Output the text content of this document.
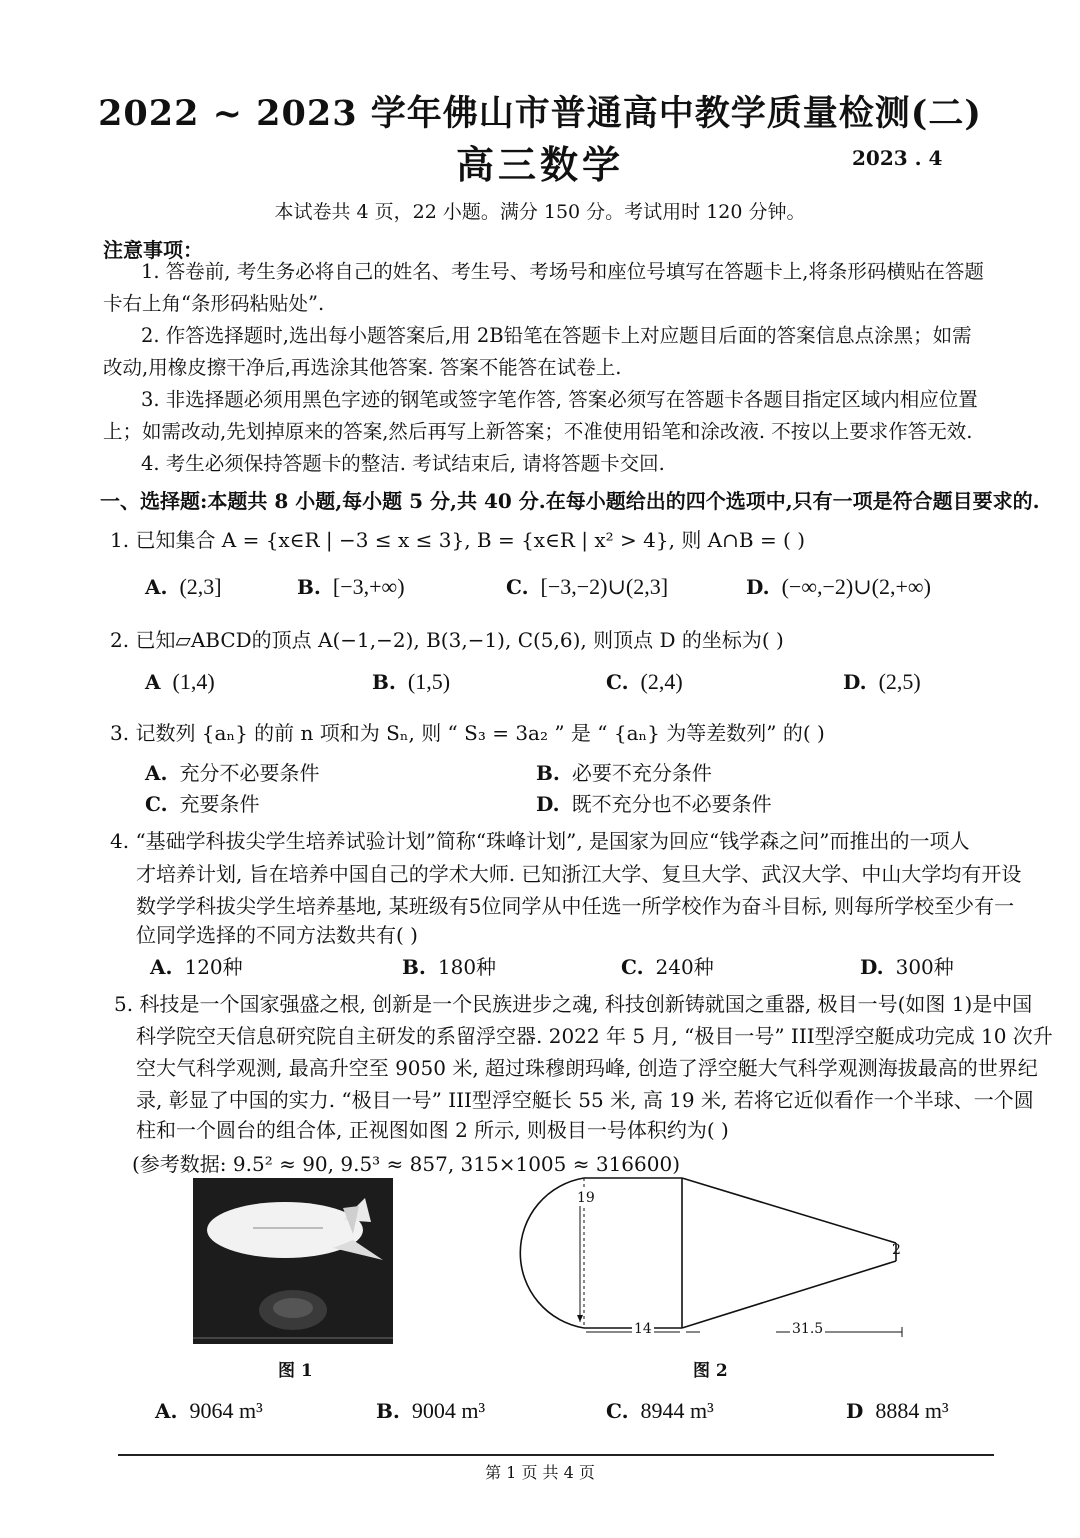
2022 ~ 2023 学年佛山市普通高中教学质量检测(二)
高三数学	2023 . 4
本试卷共 4 页，22 小题。满分 150 分。考试用时 120 分钟。
注意事项：
1. 答卷前, 考生务必将自己的姓名、考生号、考场号和座位号填写在答题卡上,将条形码横贴在答题卡右上角“条形码粘贴处”.
2. 作答选择题时,选出每小题答案后,用 2B铅笔在答题卡上对应题目后面的答案信息点涂黑；如需改动,用橡皮擦干净后,再选涂其他答案. 答案不能答在试卷上.
3. 非选择题必须用黑色字迹的钢笔或签字笔作答, 答案必须写在答题卡各题目指定区域内相应位置上；如需改动,先划掉原来的答案,然后再写上新答案；不准使用铅笔和涂改液. 不按以上要求作答无效.
4. 考生必须保持答题卡的整洁. 考试结束后, 请将答题卡交回.
一、选择题:本题共 8 小题,每小题 5 分,共 40 分.在每小题给出的四个选项中,只有一项是符合题目要求的.
1. 已知集合 A = {x∈R | −3 ≤ x ≤ 3}, B = {x∈R | x² > 4}, 则 A∩B = ( )
A. (2,3]	B. [−3,+∞)	C. [−3,−2)∪(2,3]	D. (−∞,−2)∪(2,+∞)
2. 已知▱ABCD的顶点 A(−1,−2), B(3,−1), C(5,6), 则顶点 D 的坐标为( )
A (1,4)	B. (1,5)	C. (2,4)	D. (2,5)
3. 记数列 {aₙ} 的前 n 项和为 Sₙ, 则 “ S₃ = 3a₂ ” 是 “ {aₙ} 为等差数列” 的( )
A. 充分不必要条件	B. 必要不充分条件
C. 充要条件	D. 既不充分也不必要条件
4. “基础学科拔尖学生培养试验计划”简称“珠峰计划”, 是国家为回应“钱学森之问”而推出的一项人
才培养计划, 旨在培养中国自己的学术大师. 已知浙江大学、复旦大学、武汉大学、中山大学均有开设
数学学科拔尖学生培养基地, 某班级有5位同学从中任选一所学校作为奋斗目标, 则每所学校至少有一
位同学选择的不同方法数共有( )
A. 120种	B. 180种	C. 240种	D. 300种
5. 科技是一个国家强盛之根, 创新是一个民族进步之魂, 科技创新铸就国之重器, 极目一号(如图 1)是中国
科学院空天信息研究院自主研发的系留浮空器. 2022 年 5 月, “极目一号” III型浮空艇成功完成 10 次升
空大气科学观测, 最高升空至 9050 米, 超过珠穆朗玛峰, 创造了浮空艇大气科学观测海拔最高的世界纪
录, 彰显了中国的实力. “极目一号” III型浮空艇长 55 米, 高 19 米, 若将它近似看作一个半球、一个圆
柱和一个圆台的组合体, 正视图如图 2 所示, 则极目一号体积约为( )
(参考数据: 9.5² ≈ 90, 9.5³ ≈ 857, 315×1005 ≈ 316600)
图 1
19
14	31.5
2
图 2
A. 9064 m³	B. 9004 m³	C. 8944 m³	D 8884 m³
第 1 页 共 4 页
